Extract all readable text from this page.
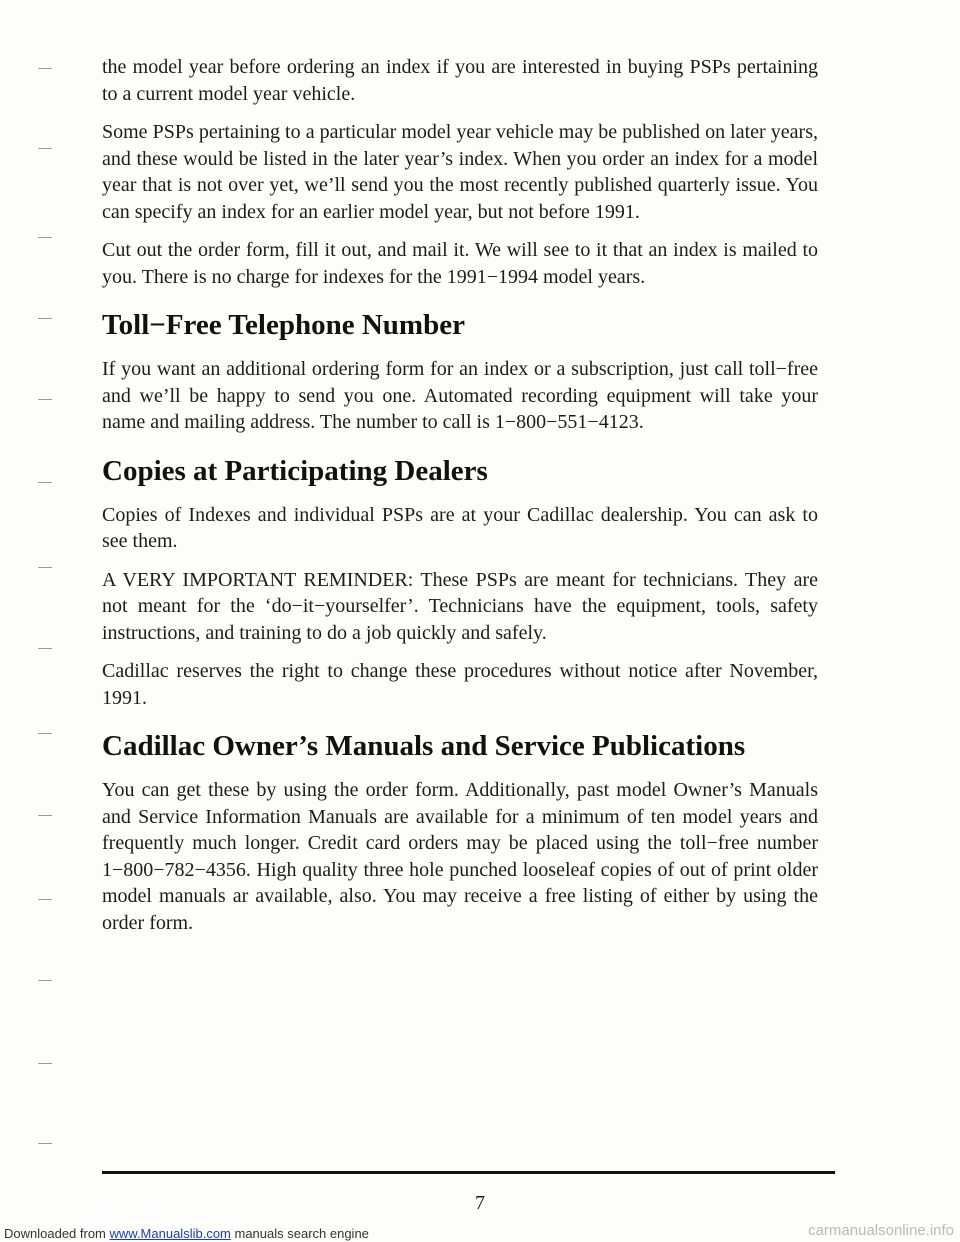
the model year before ordering an index if you are interested in buying PSPs pertaining to a current model year vehicle.

Some PSPs pertaining to a particular model year vehicle may be published on later years, and these would be listed in the later year’s index. When you order an index for a model year that is not over yet, we’ll send you the most recently published quarterly issue. You can specify an index for an earlier model year, but not before 1991.

Cut out the order form, fill it out, and mail it. We will see to it that an index is mailed to you. There is no charge for indexes for the 1991−1994 model years.

Toll−Free Telephone Number

If you want an additional ordering form for an index or a subscription, just call toll−free and we’ll be happy to send you one. Automated recording equipment will take your name and mailing address. The number to call is 1−800−551−4123.

Copies at Participating Dealers

Copies of Indexes and individual PSPs are at your Cadillac dealership. You can ask to see them.

A VERY IMPORTANT REMINDER: These PSPs are meant for technicians. They are not meant for the ‘do−it−yourselfer’. Technicians have the equipment, tools, safety instructions, and training to do a job quickly and safely.

Cadillac reserves the right to change these procedures without notice after November, 1991.

Cadillac Owner’s Manuals and Service Publications

You can get these by using the order form. Additionally, past model Owner’s Manuals and Service Information Manuals are available for a minimum of ten model years and frequently much longer. Credit card orders may be placed using the toll−free number 1−800−782−4356. High quality three hole punched looseleaf copies of out of print older model manuals ar available, also. You may receive a free listing of either by using the order form.

7
Downloaded from www.Manualslib.com manuals search engine	carmanualsonline.info
